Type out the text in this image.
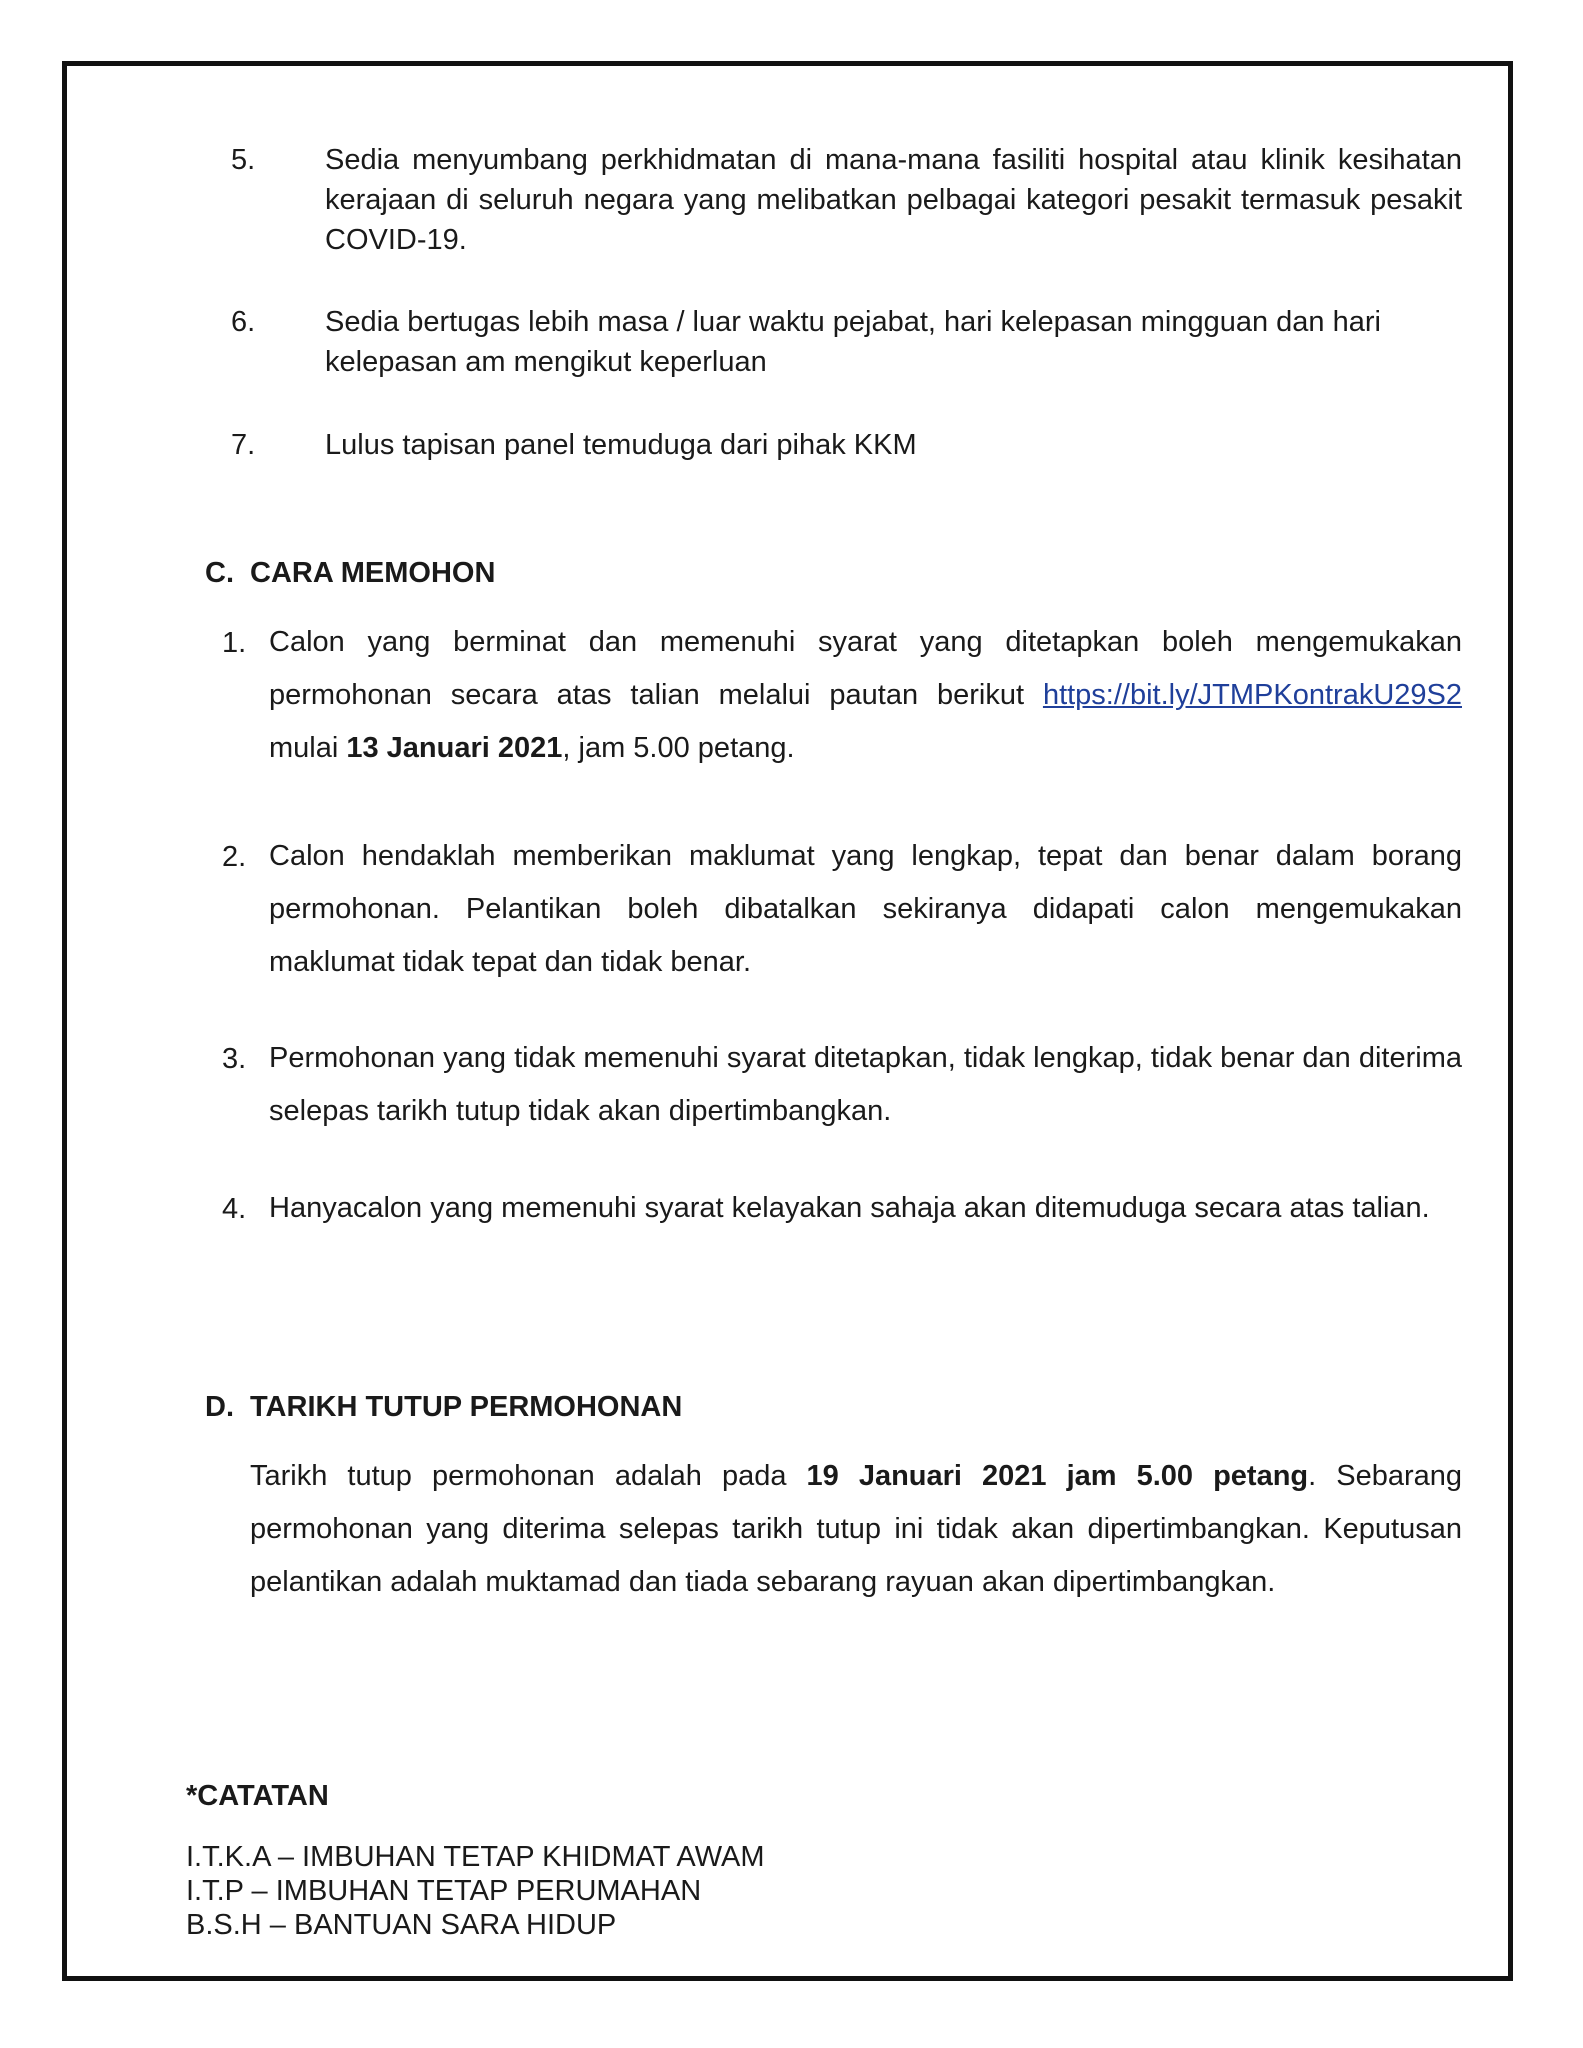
5. Sedia menyumbang perkhidmatan di mana-mana fasiliti hospital atau klinik kesihatan kerajaan di seluruh negara yang melibatkan pelbagai kategori pesakit termasuk pesakit COVID-19.
6. Sedia bertugas lebih masa / luar waktu pejabat, hari kelepasan mingguan dan hari kelepasan am mengikut keperluan
7. Lulus tapisan panel temuduga dari pihak KKM
C. CARA MEMOHON
1. Calon yang berminat dan memenuhi syarat yang ditetapkan boleh mengemukakan permohonan secara atas talian melalui pautan berikut https://bit.ly/JTMPKontrakU29S2 mulai 13 Januari 2021, jam 5.00 petang.
2. Calon hendaklah memberikan maklumat yang lengkap, tepat dan benar dalam borang permohonan. Pelantikan boleh dibatalkan sekiranya didapati calon mengemukakan maklumat tidak tepat dan tidak benar.
3. Permohonan yang tidak memenuhi syarat ditetapkan, tidak lengkap, tidak benar dan diterima selepas tarikh tutup tidak akan dipertimbangkan.
4. Hanyacalon yang memenuhi syarat kelayakan sahaja akan ditemuduga secara atas talian.
D. TARIKH TUTUP PERMOHONAN
Tarikh tutup permohonan adalah pada 19 Januari 2021 jam 5.00 petang. Sebarang permohonan yang diterima selepas tarikh tutup ini tidak akan dipertimbangkan. Keputusan pelantikan adalah muktamad dan tiada sebarang rayuan akan dipertimbangkan.
*CATATAN
I.T.K.A – IMBUHAN TETAP KHIDMAT AWAM
I.T.P – IMBUHAN TETAP PERUMAHAN
B.S.H – BANTUAN SARA HIDUP
